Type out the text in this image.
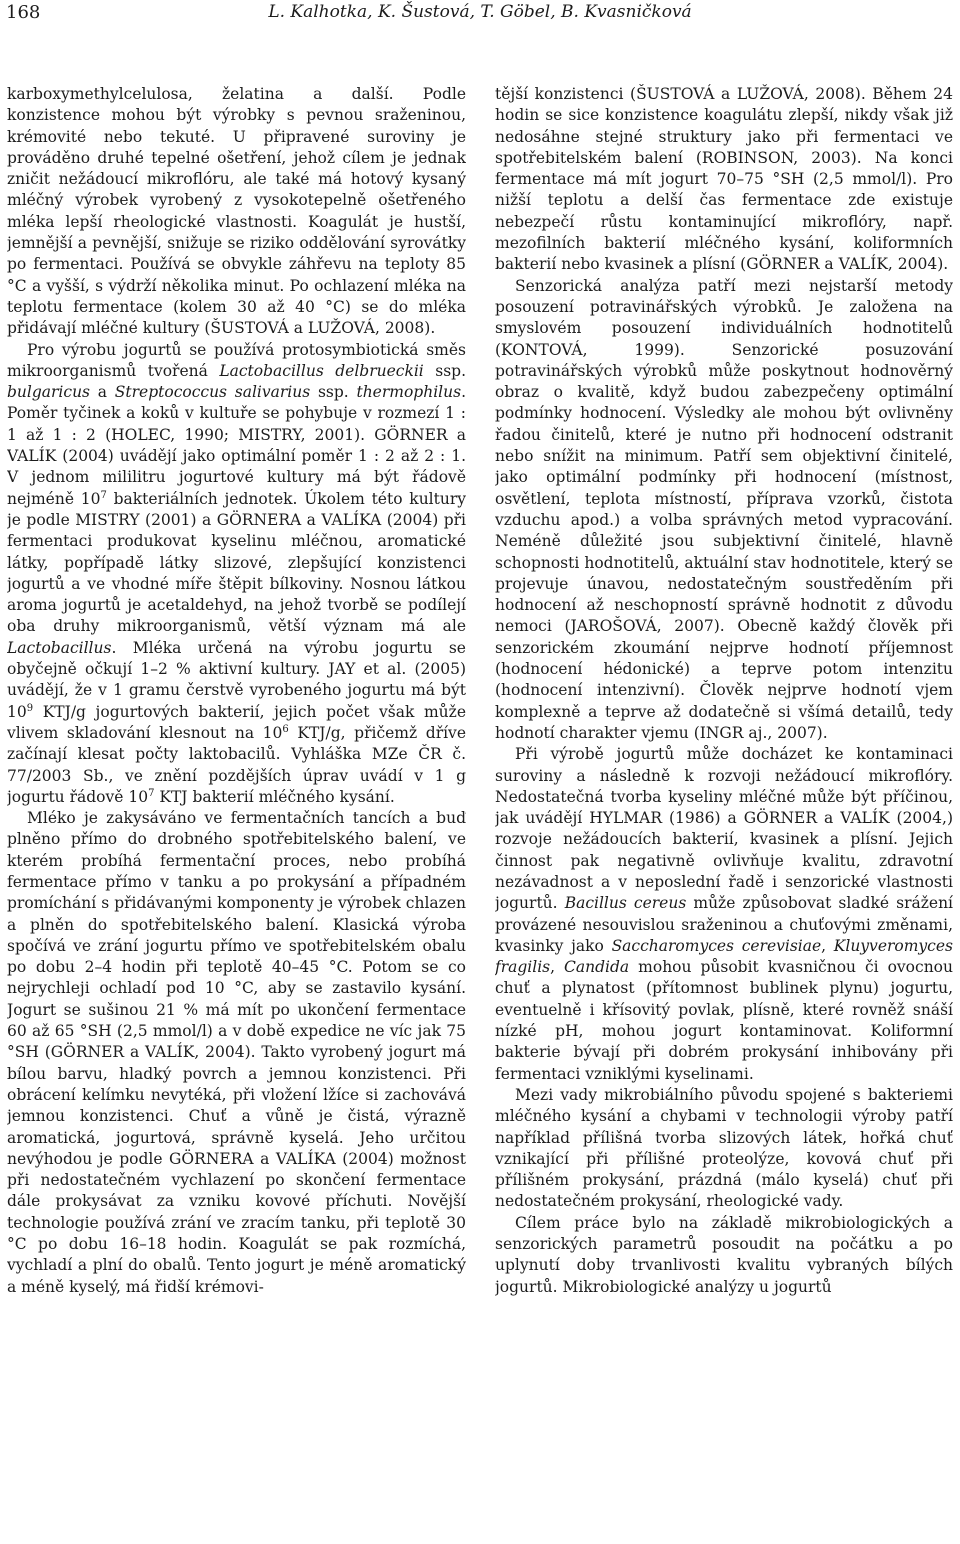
168	L. Kalhotka, K. Šustová, T. Göbel, B. Kvasničková

karboxymethylcelulosa, želatina a další. Podle konzistence mohou být výrobky s pevnou sraženinou, krémovité nebo tekuté. U připravené suroviny je prováděno druhé tepelné ošetření, jehož cílem je jednak zničit nežádoucí mikroflóru, ale také má hotový kysaný mléčný výrobek vyrobený z vysokotepelně ošetřeného mléka lepší rheologické vlastnosti. Koagulát je hustší, jemnější a pevnější, snižuje se riziko oddělování syrovátky po fermentaci. Používá se obvykle záhřevu na teploty 85 °C a vyšší, s výdrží několika minut. Po ochlazení mléka na teplotu fermentace (kolem 30 až 40 °C) se do mléka přidávají mléčné kultury (ŠUSTOVÁ a LUŽOVÁ, 2008).

Pro výrobu jogurtů se používá protosymbiotická směs mikroorganismů tvořená Lactobacillus delbrueckii ssp. bulgaricus a Streptococcus salivarius ssp. thermophilus. Poměr tyčinek a koků v kultuře se pohybuje v rozmezí 1 : 1 až 1 : 2 (HOLEC, 1990; MISTRY, 2001). GÖRNER a VALÍK (2004) uvádějí jako optimální poměr 1 : 2 až 2 : 1. V jednom mililitru jogurtové kultury má být řádově nejméně $10^7$ bakteriálních jednotek. Úkolem této kultury je podle MISTRY (2001) a GÖRNERA a VALÍKA (2004) při fermentaci produkovat kyselinu mléčnou, aromatické látky, popřípadě látky slizové, zlepšující konzistenci jogurtů a ve vhodné míře štěpit bílkoviny. Nosnou látkou aroma jogurtů je acetaldehyd, na jehož tvorbě se podílejí oba druhy mikroorganismů, větší význam má ale Lactobacillus. Mléka určená na výrobu jogurtu se obyčejně očkují 1–2 % aktivní kultury. JAY et al. (2005) uvádějí, že v 1 gramu čerstvě vyrobeného jogurtu má být $10^9$ KTJ/g jogurtových bakterií, jejich počet však může vlivem skladování klesnout na $10^6$ KTJ/g, přičemž dříve začínají klesat počty laktobacilů. Vyhláška MZe ČR č. 77/2003 Sb., ve znění pozdějších úprav uvádí v 1 g jogurtu řádově $10^7$ KTJ bakterií mléčného kysání.

Mléko je zakysáváno ve fermentačních tancích a buď plněno přímo do drobného spotřebitelského balení, ve kterém probíhá fermentační proces, nebo probíhá fermentace přímo v tanku a po prokysání a případném promíchání s přidávanými komponenty je výrobek chlazen a plněn do spotřebitelského balení. Klasická výroba spočívá ve zrání jogurtu přímo ve spotřebitelském obalu po dobu 2–4 hodin při teplotě 40–45 °C. Potom se co nejrychleji ochladí pod 10 °C, aby se zastavilo kysání. Jogurt se sušinou 21 % má mít po ukončení fermentace 60 až 65 °SH (2,5 mmol/l) a v době expedice ne víc jak 75 °SH (GÖRNER a VALÍK, 2004). Takto vyrobený jogurt má bílou barvu, hladký povrch a jemnou konzistenci. Při obrácení kelímku nevytéká, při vložení lžíce si zachovává jemnou konzistenci. Chuť a vůně je čistá, výrazně aromatická, jogurtová, správně kyselá. Jeho určitou nevýhodou je podle GÖRNERA a VALÍKA (2004) možnost při nedostatečném vychlazení po skončení fermentace dále prokysávat za vzniku kovové příchuti. Novější technologie používá zrání ve zracím tanku, při teplotě 30 °C po dobu 16–18 hodin. Koagulát se pak rozmíchá, vychladí a plní do obalů. Tento jogurt je méně aromatický a méně kyselý, má řidší krémovi-

tější konzistenci (ŠUSTOVÁ a LUŽOVÁ, 2008). Během 24 hodin se sice konzistence koagulátu zlepší, nikdy však již nedosáhne stejné struktury jako při fermentaci ve spotřebitelském balení (ROBINSON, 2003). Na konci fermentace má mít jogurt 70–75 °SH (2,5 mmol/l). Pro nižší teplotu a delší čas fermentace zde existuje nebezpečí růstu kontaminující mikroflóry, např. mezofilních bakterií mléčného kysání, koliformních bakterií nebo kvasinek a plísní (GÖRNER a VALÍK, 2004).

Senzorická analýza patří mezi nejstarší metody posouzení potravinářských výrobků. Je založena na smyslovém posouzení individuálních hodnotitelů (KONTOVÁ, 1999). Senzorické posuzování potravinářských výrobků může poskytnout hodnověrný obraz o kvalitě, když budou zabezpečeny optimální podmínky hodnocení. Výsledky ale mohou být ovlivněny řadou činitelů, které je nutno při hodnocení odstranit nebo snížit na minimum. Patří sem objektivní činitelé, jako optimální podmínky při hodnocení (místnost, osvětlení, teplota místností, příprava vzorků, čistota vzduchu apod.) a volba správných metod vypracování. Neméně důležité jsou subjektivní činitelé, hlavně schopnosti hodnotitelů, aktuální stav hodnotitele, který se projevuje únavou, nedostatečným soustředěním při hodnocení až neschopností správně hodnotit z důvodu nemoci (JAROŠOVÁ, 2007). Obecně každý člověk při senzorickém zkoumání nejprve hodnotí příjemnost (hodnocení hédonické) a teprve potom intenzitu (hodnocení intenzivní). Člověk nejprve hodnotí vjem komplexně a teprve až dodatečně si všímá detailů, tedy hodnotí charakter vjemu (INGR aj., 2007).

Při výrobě jogurtů může docházet ke kontaminaci suroviny a následně k rozvoji nežádoucí mikroflóry. Nedostatečná tvorba kyseliny mléčné může být příčinou, jak uvádějí HYLMAR (1986) a GÖRNER a VALÍK (2004,) rozvoje nežádoucích bakterií, kvasinek a plísní. Jejich činnost pak negativně ovlivňuje kvalitu, zdravotní nezávadnost a v neposlední řadě i senzorické vlastnosti jogurtů. Bacillus cereus může způsobovat sladké srážení provázené nesouvislou sraženinou a chuťovými změnami, kvasinky jako Saccharomyces cerevisiae, Kluyveromyces fragilis, Candida mohou působit kvasničnou či ovocnou chuť a plynatost (přítomnost bublinek plynu) jogurtu, eventuelně i křísovitý povlak, plísně, které rovněž snáší nízké pH, mohou jogurt kontaminovat. Koliformní bakterie bývají při dobrém prokysání inhibovány při fermentaci vzniklými kyselinami.

Mezi vady mikrobiálního původu spojené s bakteriemi mléčného kysání a chybami v technologii výroby patří například přílišná tvorba slizových látek, hořká chuť vznikající při přílišné proteolýze, kovová chuť při přílišném prokysání, prázdná (málo kyselá) chuť při nedostatečném prokysání, rheologické vady.

Cílem práce bylo na základě mikrobiologických a senzorických parametrů posoudit na počátku a po uplynutí doby trvanlivosti kvalitu vybraných bílých jogurtů. Mikrobiologické analýzy u jogurtů
